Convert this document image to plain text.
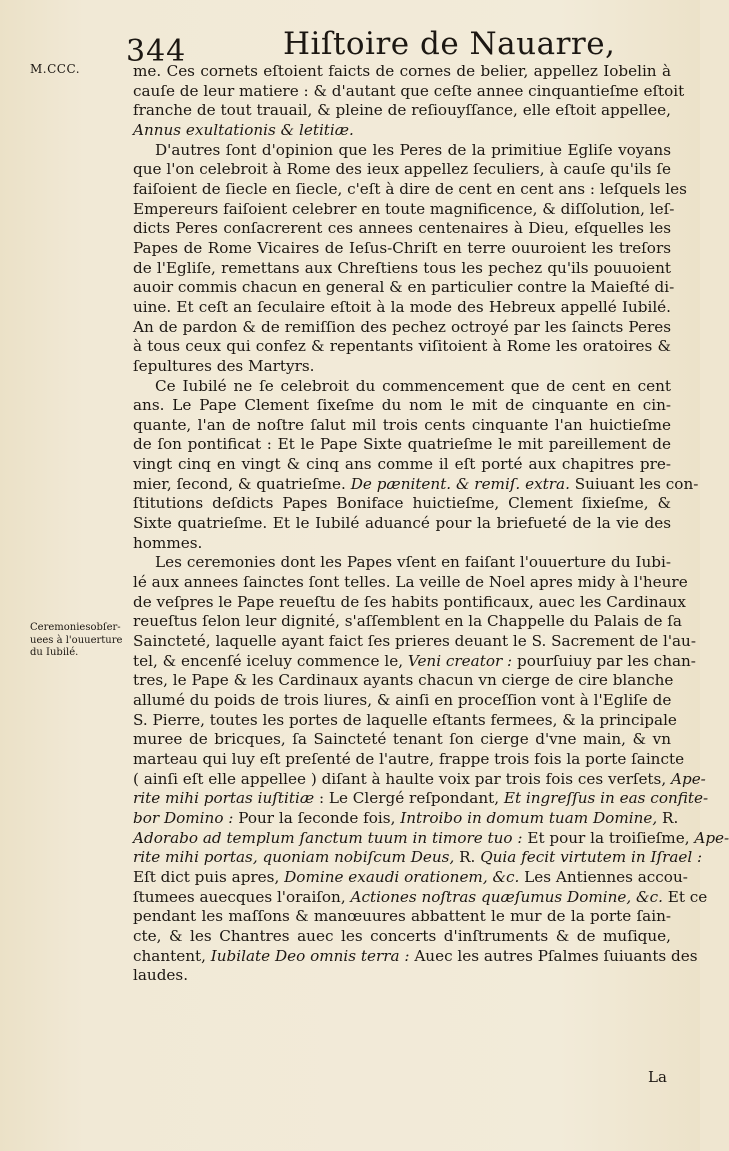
344	Hiſtoire de Nauarre,
M.CCC.
Ceremoniesobſer-
uees à l'ouuerture
du Iubilé.
me. Ces cornets eſtoient faicts de cornes de belier, appellez Iobelin à
cauſe de leur matiere : & d'autant que ceſte annee cinquantieſme eſtoit
franche de tout trauail, & pleine de reſiouyſſance, elle eſtoit appellee,
Annus exultationis & letitiæ.
D'autres ſont d'opinion que les Peres de la primitiue Egliſe voyans
que l'on celebroit à Rome des ieux appellez ſeculiers, à cauſe qu'ils ſe
faiſoient de ſiecle en ſiecle, c'eſt à dire de cent en cent ans : leſquels les
Empereurs faiſoient celebrer en toute magnificence, & diſſolution, leſ-
dicts Peres conſacrerent ces annees centenaires à Dieu, eſquelles les
Papes de Rome Vicaires de Ieſus-Chriſt en terre ouuroient les treſors
de l'Egliſe, remettans aux Chreſtiens tous les pechez qu'ils pouuoient
auoir commis chacun en general & en particulier contre la Maieſté di-
uine. Et ceſt an ſeculaire eſtoit à la mode des Hebreux appellé Iubilé.
An de pardon & de remiſſion des pechez octroyé par les ſaincts Peres
à tous ceux qui confez & repentants viſitoient à Rome les oratoires &
ſepultures des Martyrs.
Ce Iubilé ne ſe celebroit du commencement que de cent en cent
ans. Le Pape Clement ſixeſme du nom le mit de cinquante en cin-
quante, l'an de noſtre ſalut mil trois cents cinquante l'an huictieſme
de ſon pontificat : Et le Pape Sixte quatrieſme le mit pareillement de
vingt cinq en vingt & cinq ans comme il eſt porté aux chapitres pre-
mier, ſecond, & quatrieſme. De pænitent. & remiſ. extra. Suiuant les con-
ſtitutions deſdicts Papes Boniface huictieſme, Clement ſixieſme, &
Sixte quatrieſme. Et le Iubilé aduancé pour la briefueté de la vie des
hommes.
Les ceremonies dont les Papes vſent en faiſant l'ouuerture du Iubi-
lé aux annees ſainctes ſont telles. La veille de Noel apres midy à l'heure
de veſpres le Pape reueſtu de ſes habits pontificaux, auec les Cardinaux
reueſtus ſelon leur dignité, s'aſſemblent en la Chappelle du Palais de ſa
Saincteté, laquelle ayant faict ſes prieres deuant le S. Sacrement de l'au-
tel, & encenſé iceluy commence le, Veni creator : pourſuiuy par les chan-
tres, le Pape & les Cardinaux ayants chacun vn cierge de cire blanche
allumé du poids de trois liures, & ainſi en proceſſion vont à l'Egliſe de
S. Pierre, toutes les portes de laquelle eſtants fermees, & la principale
muree de bricques, ſa Saincteté tenant ſon cierge d'vne main, & vn
marteau qui luy eſt preſenté de l'autre, frappe trois fois la porte ſaincte
( ainſi eſt elle appellee ) diſant à haulte voix par trois fois ces verſets, Ape-
rite mihi portas iuſtitiæ : Le Clergé reſpondant, Et ingreſſus in eas confite-
bor Domino : Pour la ſeconde fois, Introibo in domum tuam Domine, R.
Adorabo ad templum ſanctum tuum in timore tuo : Et pour la troiſieſme, Ape-
rite mihi portas, quoniam nobiſcum Deus, R. Quia fecit virtutem in Iſrael :
Eſt dict puis apres, Domine exaudi orationem, &c. Les Antiennes accou-
ſtumees auecques l'oraiſon, Actiones noſtras quæſumus Domine, &c. Et ce
pendant les maſſons & manœuures abbattent le mur de la porte ſain-
cte, & les Chantres auec les concerts d'inſtruments & de muſique,
chantent, Iubilate Deo omnis terra : Auec les autres Pſalmes ſuiuants des
laudes.
La
